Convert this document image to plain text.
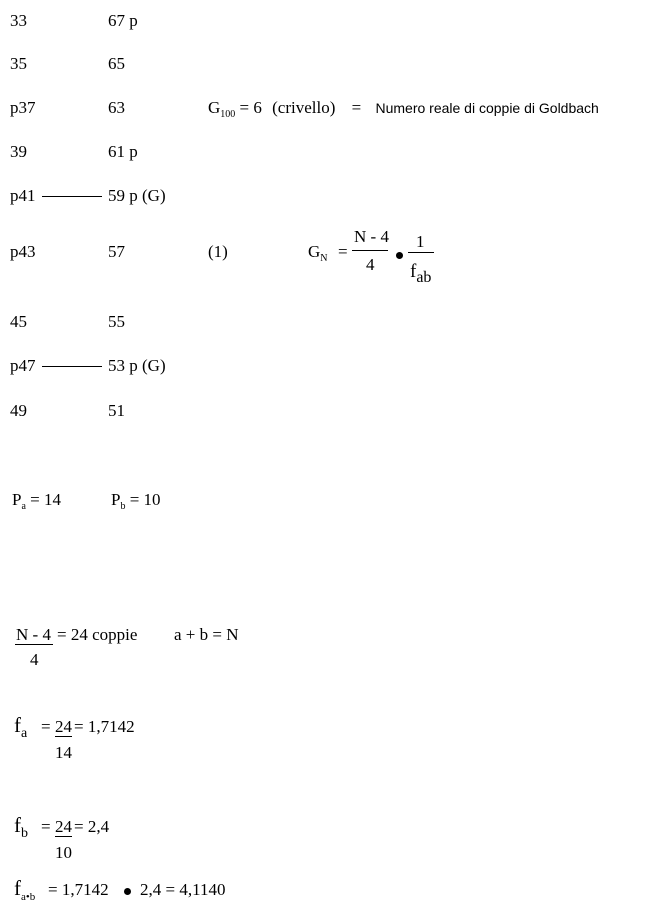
33	67 p
35	65
p37	63
39	61 p
p41	59 p (G)
p43	57
45	55
p47	53 p (G)
49	51
$G_{100} = 6$ (crivello) = Numero reale di coppie di Goldbach
(1)	$G_N$ =
N - 4
4
1
$f_{ab}$
$P_a = 14$	$P_b = 10$
N - 4
4
= 24 coppie a + b = N
$f_a = 24$
14
= 1,7142
$f_b = 24$
10
= 2,4
$f_{a•b} = 1,7142$ 2,4 = 4,1140
